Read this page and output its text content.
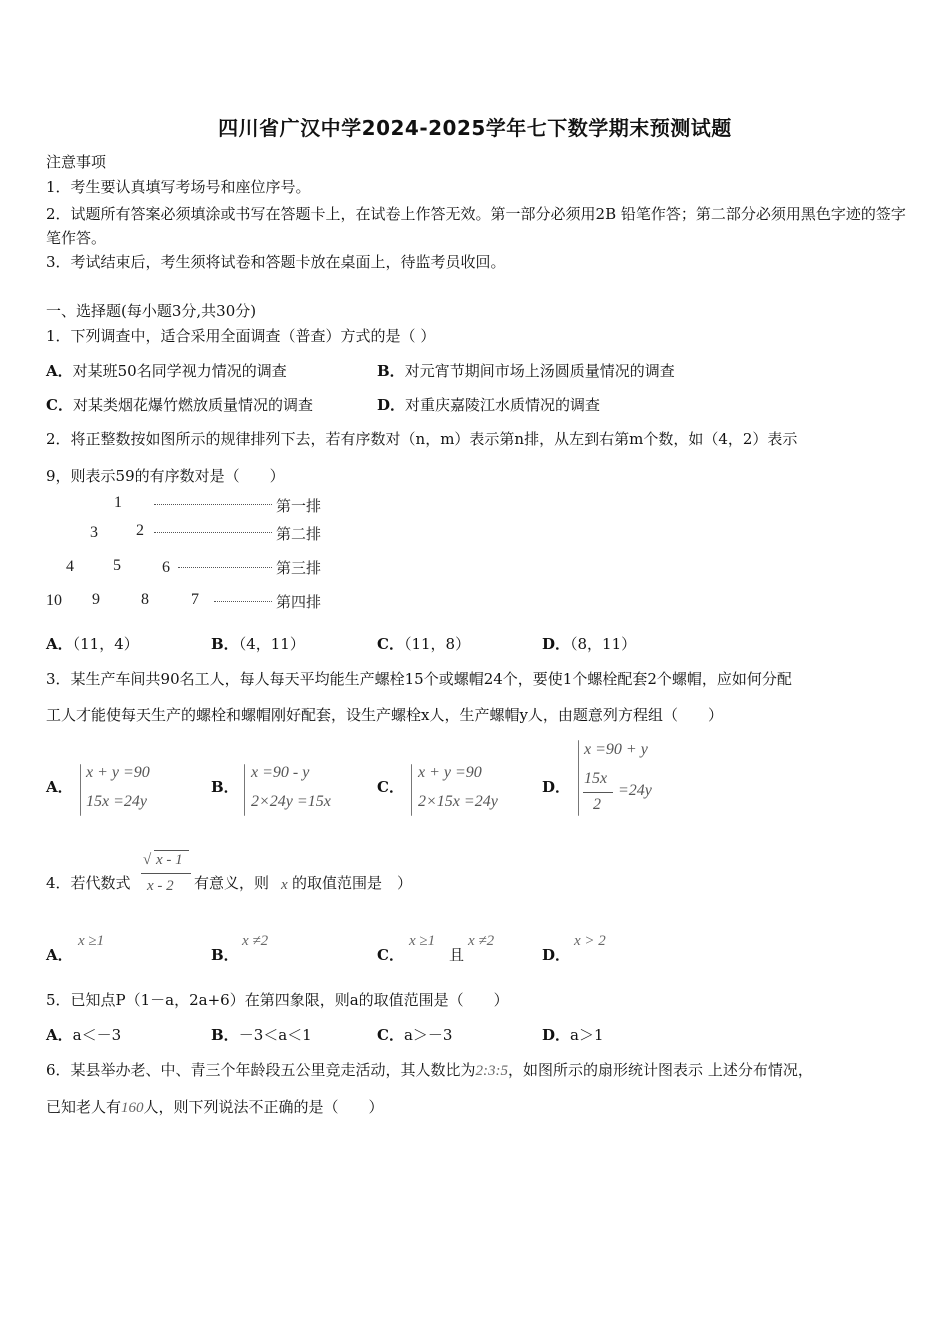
四川省广汉中学2024-2025学年七下数学期末预测试题
注意事项
1．考生要认真填写考场号和座位序号。
2．试题所有答案必须填涂或书写在答题卡上，在试卷上作答无效。第一部分必须用2B 铅笔作答；第二部分必须用黑色字迹的签字笔作答。
3．考试结束后，考生须将试卷和答题卡放在桌面上，待监考员收回。
一、选择题(每小题3分,共30分)
1．下列调查中，适合采用全面调查（普查）方式的是（ ）
A．对某班50名同学视力情况的调查	B．对元宵节期间市场上汤圆质量情况的调查
C．对某类烟花爆竹燃放质量情况的调查	D．对重庆嘉陵江水质情况的调查
2．将正整数按如图所示的规律排列下去，若有序数对（n，m）表示第n排，从左到右第m个数，如（4，2）表示
9，则表示59的有序数对是（　　）
1	第一排
3 2	第二排
4 5	6	第三排
10 9	8	7	第四排
A．（11，4）	B．（4，11）	C．（11，8）	D．（8，11）
3．某生产车间共90名工人，每人每天平均能生产螺栓15个或螺帽24个，要使1个螺栓配套2个螺帽，应如何分配
工人才能使每天生产的螺栓和螺帽刚好配套，设生产螺栓x人，生产螺帽y人，由题意列方程组（　　）
A．
x + y =90
15x =24y
B．
x =90 - y
2×24y =15x
C．
x + y =90
2×15x =24y
D．
x =90 + y
15x
2
=24y
4．若代数式
√ x - 1
x - 2 有意义，则 x 的取值范围是　）
A．
x ≥1
B．
x ≠2
C．
x ≥1
且
x ≠2
D．
x > 2
5．已知点P（1－a，2a+6）在第四象限，则a的取值范围是（　　）
A．a＜－3	B．－3＜a＜1	C．a＞－3	D．a＞1
6．某县举办老、中、青三个年龄段五公里竞走活动，其人数比为2:3:5，如图所示的扇形统计图表示 上述分布情况，
已知老人有160人，则下列说法不正确的是（　　）
